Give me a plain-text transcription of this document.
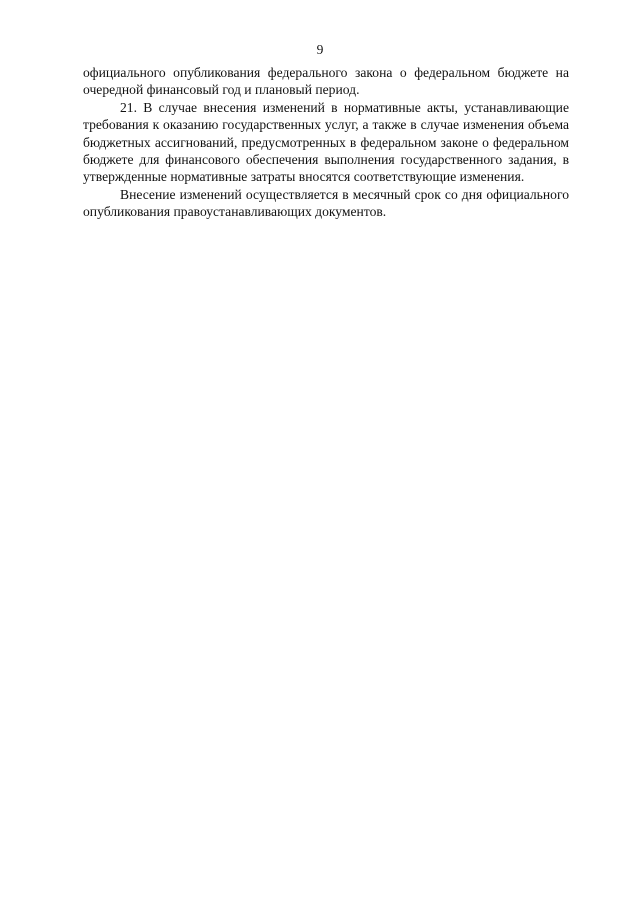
9

официального опубликования федерального закона о федеральном бюджете на очередной финансовый год и плановый период.

21. В случае внесения изменений в нормативные акты, устанавливающие требования к оказанию государственных услуг, а также в случае изменения объема бюджетных ассигнований, предусмотренных в федеральном законе о федеральном бюджете для финансового обеспечения выполнения государственного задания, в утвержденные нормативные затраты вносятся соответствующие изменения.

Внесение изменений осуществляется в месячный срок со дня официального опубликования правоустанавливающих документов.
